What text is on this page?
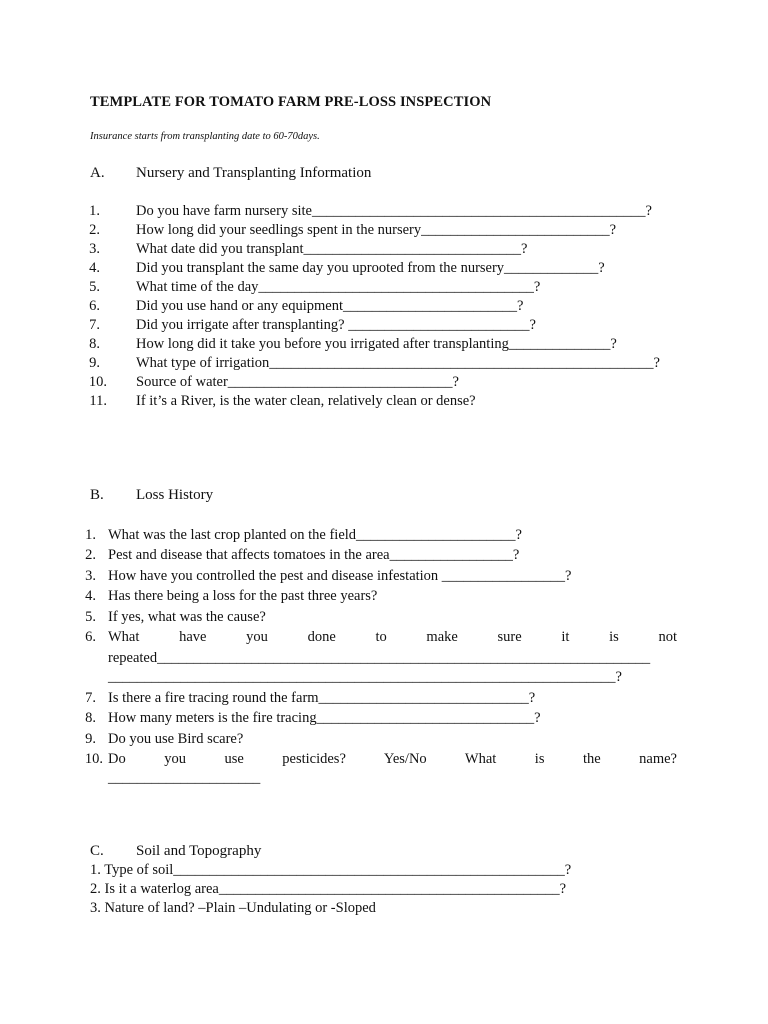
TEMPLATE FOR TOMATO FARM PRE-LOSS INSPECTION
Insurance starts from transplanting date to 60-70days.
A. Nursery and Transplanting Information
1. Do you have farm nursery site______________________________________________?
2. How long did your seedlings spent in the nursery__________________________?
3. What date did you transplant______________________________?
4. Did you transplant the same day you uprooted from the nursery_____________?
5. What time of the day______________________________________?
6. Did you use hand or any equipment________________________?
7. Did you irrigate after transplanting? _________________________?
8. How long did it take you before you irrigated after transplanting______________?
9. What type of irrigation_____________________________________________________?
10. Source of water_______________________________?
11. If it’s a River, is the water clean, relatively clean or dense?
B. Loss History
1. What was the last crop planted on the field______________________?
2. Pest and disease that affects tomatoes in the area_________________?
3. How have you controlled the pest and disease infestation _________________?
4. Has there being a loss for the past three years?
5. If yes, what was the cause?
6. What have you done to make sure it is not
repeated____________________________________________________________________
______________________________________________________________________?
7. Is there a fire tracing round the farm_____________________________?
8. How many meters is the fire tracing______________________________?
9. Do you use Bird scare?
10. Do you use pesticides? Yes/No What is the name?
_____________________
C. Soil and Topography
1. Type of soil______________________________________________________?
2. Is it a waterlog area_______________________________________________?
3. Nature of land? –Plain –Undulating or -Sloped
